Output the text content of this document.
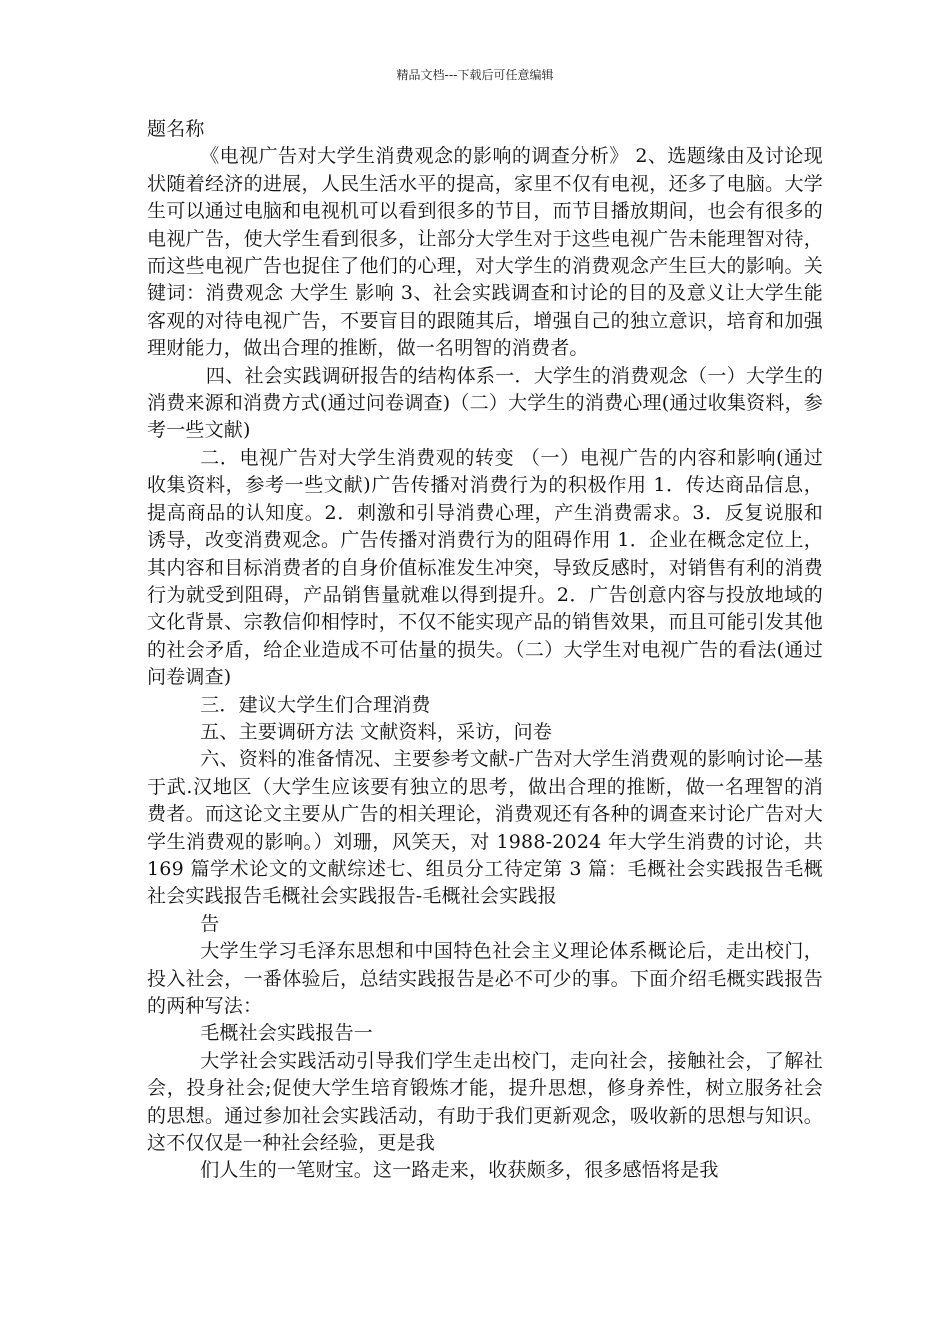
精品文档---下载后可任意编辑

题名称

《电视广告对大学生消费观念的影响的调查分析》 2、选题缘由及讨论现状随着经济的进展，人民生活水平的提高，家里不仅有电视，还多了电脑。大学生可以通过电脑和电视机可以看到很多的节目，而节目播放期间，也会有很多的电视广告，使大学生看到很多，让部分大学生对于这些电视广告未能理智对待，而这些电视广告也捉住了他们的心理，对大学生的消费观念产生巨大的影响。关键词：消费观念 大学生 影响 3、社会实践调查和讨论的目的及意义让大学生能客观的对待电视广告，不要盲目的跟随其后，增强自己的独立意识，培育和加强理财能力，做出合理的推断，做一名明智的消费者。

四、社会实践调研报告的结构体系一．大学生的消费观念（一）大学生的消费来源和消费方式(通过问卷调查)（二）大学生的消费心理(通过收集资料，参考一些文献)

二．电视广告对大学生消费观的转变 （一）电视广告的内容和影响(通过收集资料，参考一些文献)广告传播对消费行为的积极作用 1．传达商品信息，提高商品的认知度。2．刺激和引导消费心理，产生消费需求。3．反复说服和诱导，改变消费观念。广告传播对消费行为的阻碍作用 1．企业在概念定位上，其内容和目标消费者的自身价值标准发生冲突，导致反感时，对销售有利的消费行为就受到阻碍，产品销售量就难以得到提升。2．广告创意内容与投放地域的文化背景、宗教信仰相悖时，不仅不能实现产品的销售效果，而且可能引发其他的社会矛盾，给企业造成不可估量的损失。（二）大学生对电视广告的看法(通过问卷调查)

三．建议大学生们合理消费

五、主要调研方法 文献资料，采访，问卷

六、资料的准备情况、主要参考文献-广告对大学生消费观的影响讨论—基于武.汉地区（大学生应该要有独立的思考，做出合理的推断，做一名理智的消费者。而这论文主要从广告的相关理论，消费观还有各种的调查来讨论广告对大学生消费观的影响。）刘珊，风笑天，对 1988-2024 年大学生消费的讨论，共 169 篇学术论文的文献综述七、组员分工待定第 3 篇：毛概社会实践报告毛概社会实践报告毛概社会实践报告-毛概社会实践报

告

大学生学习毛泽东思想和中国特色社会主义理论体系概论后，走出校门，投入社会，一番体验后，总结实践报告是必不可少的事。下面介绍毛概实践报告的两种写法：

毛概社会实践报告一

大学社会实践活动引导我们学生走出校门，走向社会，接触社会，了解社会，投身社会;促使大学生培育锻炼才能，提升思想，修身养性，树立服务社会的思想。通过参加社会实践活动，有助于我们更新观念，吸收新的思想与知识。这不仅仅是一种社会经验，更是我

们人生的一笔财宝。这一路走来，收获颇多，很多感悟将是我
